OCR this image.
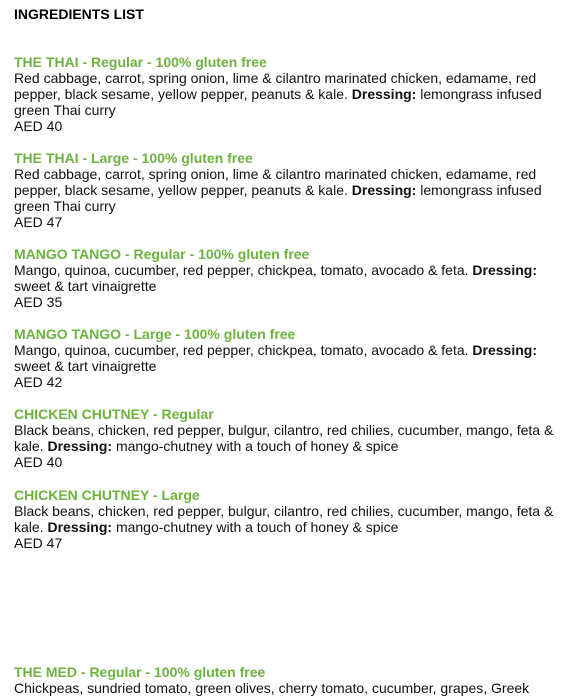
INGREDIENTS LIST
THE THAI - Regular - 100% gluten free
Red cabbage, carrot, spring onion, lime & cilantro marinated chicken, edamame, red pepper, black sesame, yellow pepper, peanuts & kale. Dressing: lemongrass infused green Thai curry
AED 40
THE THAI - Large - 100% gluten free
Red cabbage, carrot, spring onion, lime & cilantro marinated chicken, edamame, red pepper, black sesame, yellow pepper, peanuts & kale. Dressing: lemongrass infused green Thai curry
AED 47
MANGO TANGO - Regular - 100% gluten free
Mango, quinoa, cucumber, red pepper, chickpea, tomato, avocado & feta. Dressing: sweet & tart vinaigrette
AED 35
MANGO TANGO - Large - 100% gluten free
Mango, quinoa, cucumber, red pepper, chickpea, tomato, avocado & feta. Dressing: sweet & tart vinaigrette
AED 42
CHICKEN CHUTNEY - Regular
Black beans, chicken, red pepper, bulgur, cilantro, red chilies, cucumber, mango, feta & kale. Dressing: mango-chutney with a touch of honey & spice
AED 40
CHICKEN CHUTNEY - Large
Black beans, chicken, red pepper, bulgur, cilantro, red chilies, cucumber, mango, feta & kale. Dressing: mango-chutney with a touch of honey & spice
AED 47
THE MED - Regular - 100% gluten free
Chickpeas, sundried tomato, green olives, cherry tomato, cucumber, grapes, Greek
